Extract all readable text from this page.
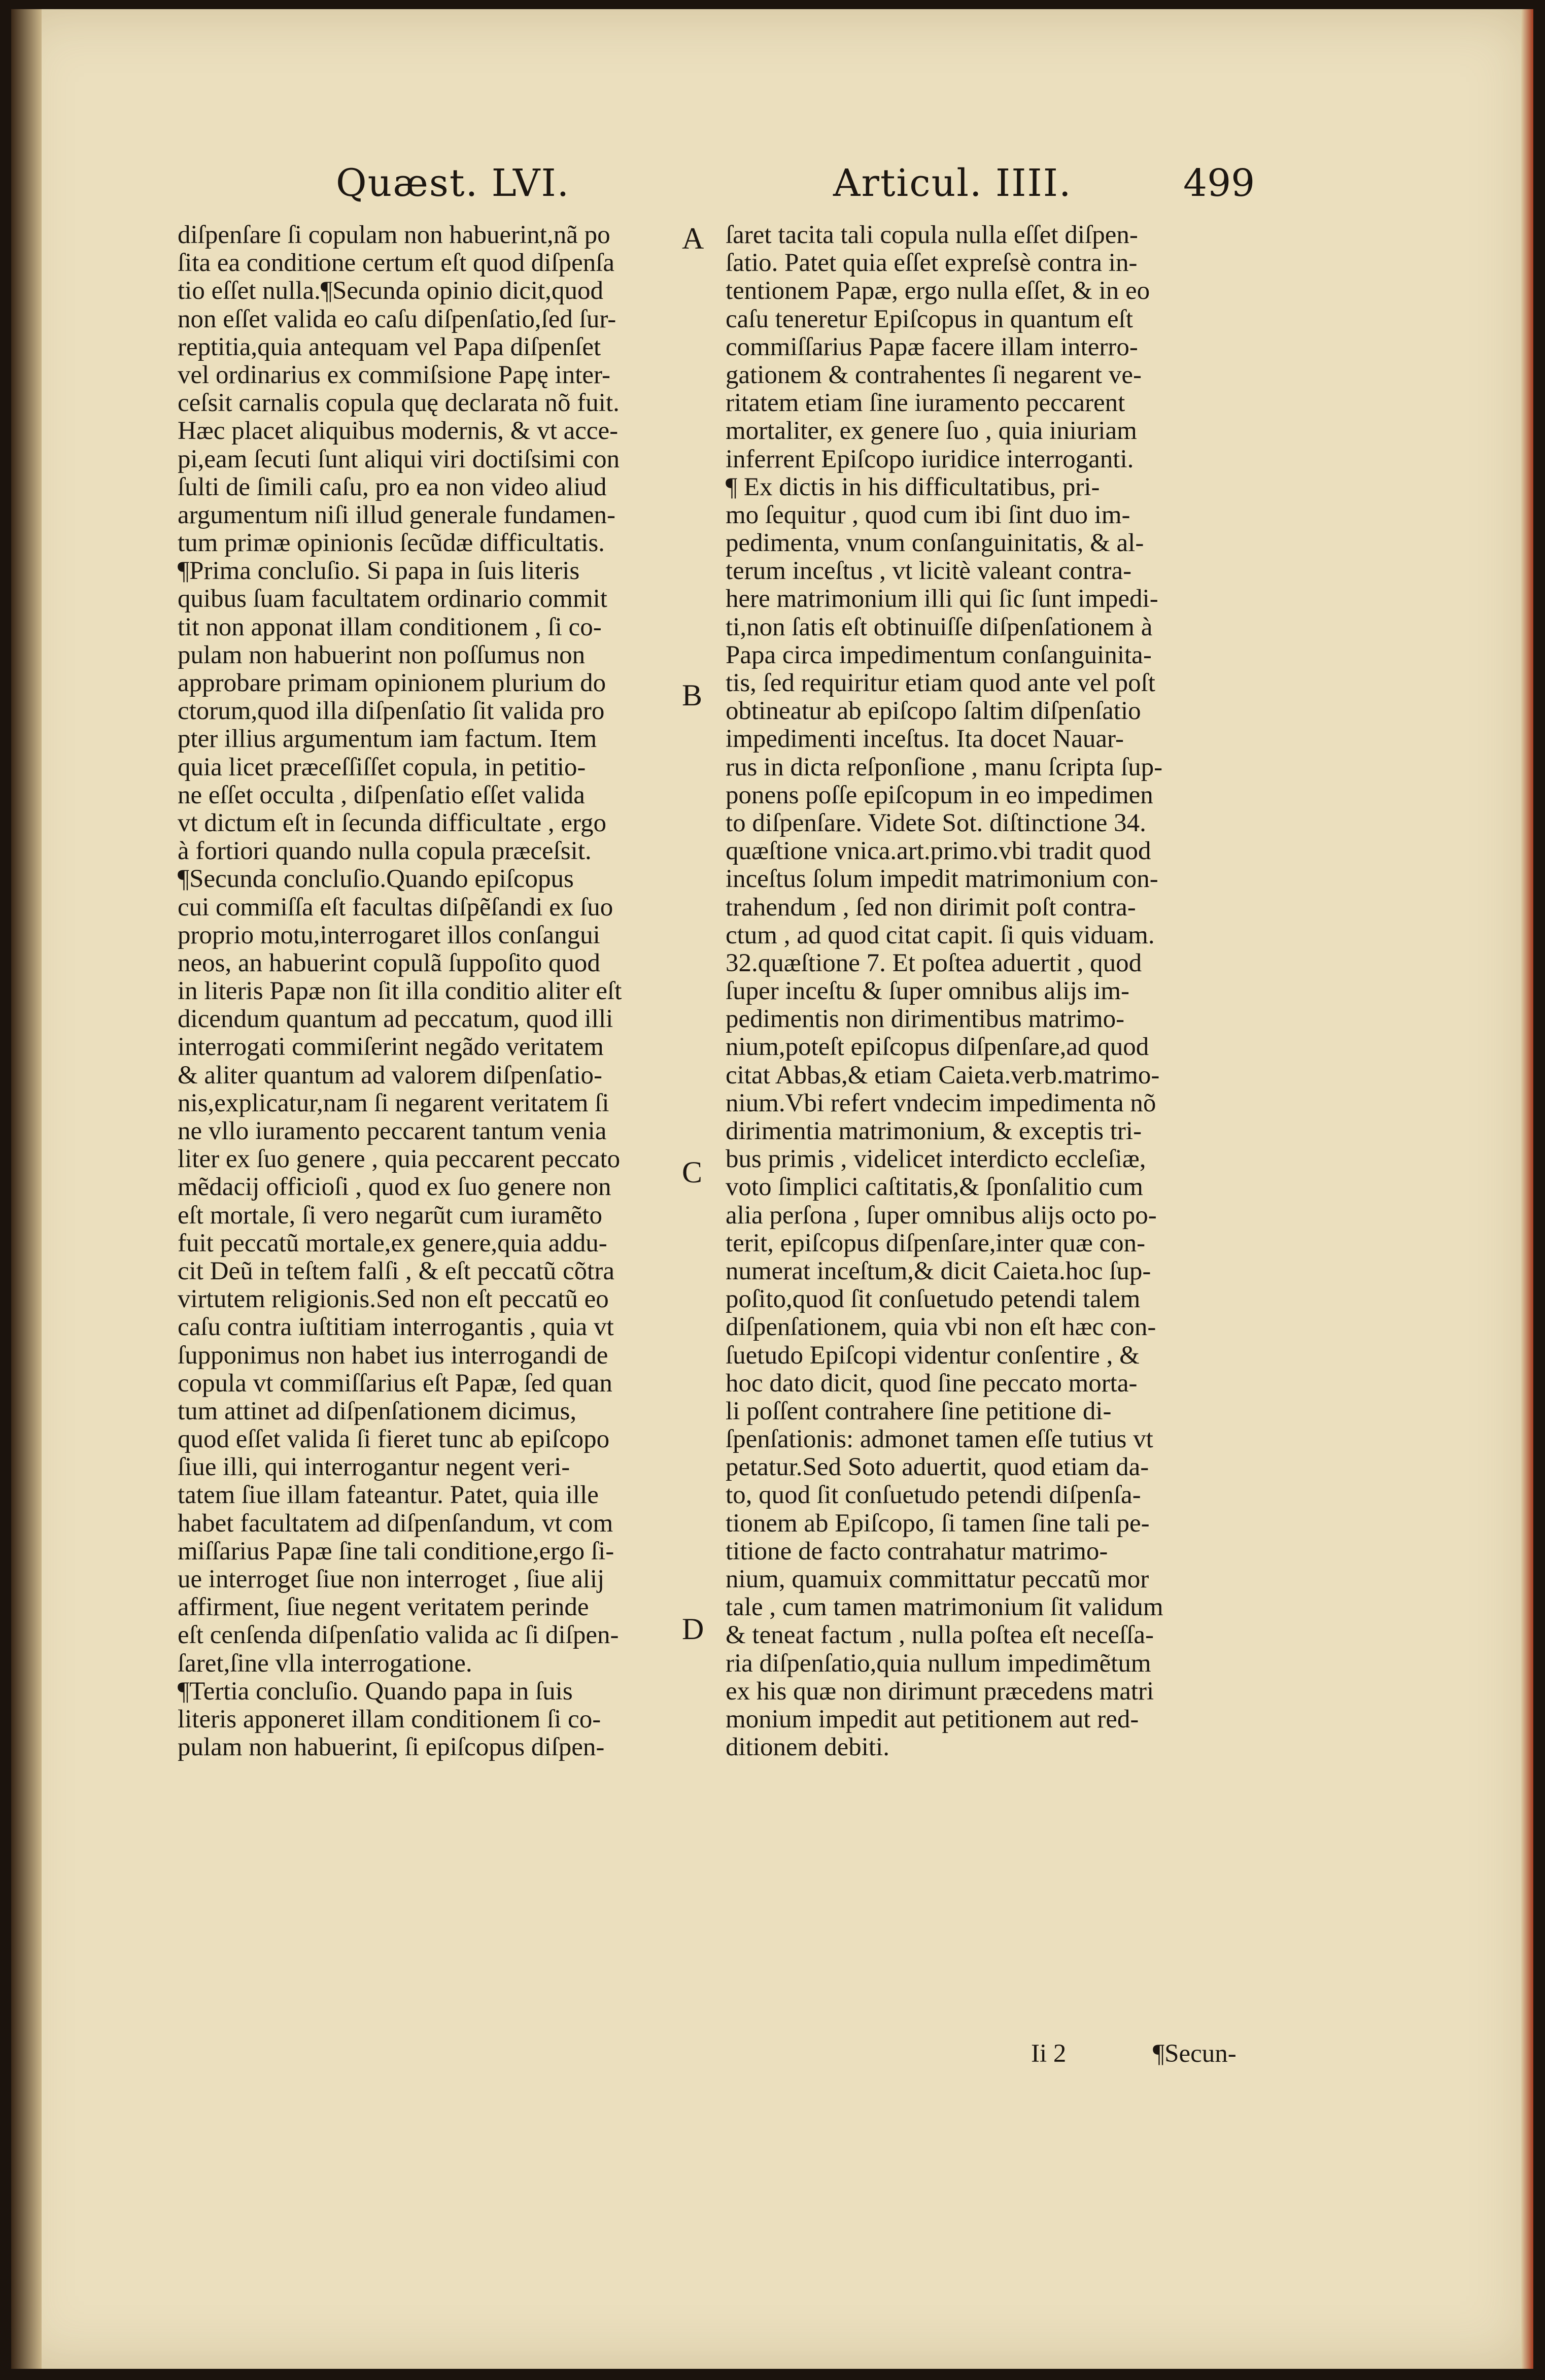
Quæst. LVI.	Articul. IIII.	499
diſpenſare ſi copulam non habuerint,nã po
ſita ea conditione certum eſt quod diſpenſa
tio eſſet nulla.¶Secunda opinio dicit,quod
non eſſet valida eo caſu diſpenſatio,ſed ſur-
reptitia,quia antequam vel Papa diſpenſet
vel ordinarius ex commiſsione Papę inter-
ceſsit carnalis copula quę declarata nõ fuit.
Hæc placet aliquibus modernis, & vt acce-
pi,eam ſecuti ſunt aliqui viri doctiſsimi con
ſulti de ſimili caſu, pro ea non video aliud
argumentum niſi illud generale fundamen-
tum primæ opinionis ſecũdæ difficultatis.
¶Prima concluſio. Si papa in ſuis literis
quibus ſuam facultatem ordinario commit
tit non apponat illam conditionem , ſi co-
pulam non habuerint non poſſumus non
approbare primam opinionem plurium do
ctorum,quod illa diſpenſatio ſit valida pro
pter illius argumentum iam factum. Item
quia licet præceſſiſſet copula, in petitio-
ne eſſet occulta , diſpenſatio eſſet valida
vt dictum eſt in ſecunda difficultate , ergo
à fortiori quando nulla copula præceſsit.
¶Secunda concluſio.Quando epiſcopus
cui commiſſa eſt facultas diſpẽſandi ex ſuo
proprio motu,interrogaret illos conſangui
neos, an habuerint copulã ſuppoſito quod
in literis Papæ non ſit illa conditio aliter eſt
dicendum quantum ad peccatum, quod illi
interrogati commiſerint negãdo veritatem
& aliter quantum ad valorem diſpenſatio-
nis,explicatur,nam ſi negarent veritatem ſi
ne vllo iuramento peccarent tantum venia
liter ex ſuo genere , quia peccarent peccato
mẽdacij officioſi , quod ex ſuo genere non
eſt mortale, ſi vero negarũt cum iuramẽto
fuit peccatũ mortale,ex genere,quia addu-
cit Deũ in teſtem falſi , & eſt peccatũ cõtra
virtutem religionis.Sed non eſt peccatũ eo
caſu contra iuſtitiam interrogantis , quia vt
ſupponimus non habet ius interrogandi de
copula vt commiſſarius eſt Papæ, ſed quan
tum attinet ad diſpenſationem dicimus,
quod eſſet valida ſi fieret tunc ab epiſcopo
ſiue illi, qui interrogantur negent veri-
tatem ſiue illam fateantur. Patet, quia ille
habet facultatem ad diſpenſandum, vt com
miſſarius Papæ ſine tali conditione,ergo ſi-
ue interroget ſiue non interroget , ſiue alij
affirment, ſiue negent veritatem perinde
eſt cenſenda diſpenſatio valida ac ſi diſpen-
ſaret,ſine vlla interrogatione.
¶Tertia concluſio. Quando papa in ſuis
literis apponeret illam conditionem ſi co-
pulam non habuerint, ſi epiſcopus diſpen-
ſaret tacita tali copula nulla eſſet diſpen-
ſatio. Patet quia eſſet expreſsè contra in-
tentionem Papæ, ergo nulla eſſet, & in eo
caſu teneretur Epiſcopus in quantum eſt
commiſſarius Papæ facere illam interro-
gationem & contrahentes ſi negarent ve-
ritatem etiam ſine iuramento peccarent
mortaliter, ex genere ſuo , quia iniuriam
inferrent Epiſcopo iuridice interroganti.
¶ Ex dictis in his difficultatibus, pri-
mo ſequitur , quod cum ibi ſint duo im-
pedimenta, vnum conſanguinitatis, & al-
terum inceſtus , vt licitè valeant contra-
here matrimonium illi qui ſic ſunt impedi-
ti,non ſatis eſt obtinuiſſe diſpenſationem à
Papa circa impedimentum conſanguinita-
tis, ſed requiritur etiam quod ante vel poſt
obtineatur ab epiſcopo ſaltim diſpenſatio
impedimenti inceſtus. Ita docet Nauar-
rus in dicta reſponſione , manu ſcripta ſup-
ponens poſſe epiſcopum in eo impedimen
to diſpenſare. Videte Sot. diſtinctione 34.
quæſtione vnica.art.primo.vbi tradit quod
inceſtus ſolum impedit matrimonium con-
trahendum , ſed non dirimit poſt contra-
ctum , ad quod citat capit. ſi quis viduam.
32.quæſtione 7. Et poſtea aduertit , quod
ſuper inceſtu & ſuper omnibus alijs im-
pedimentis non dirimentibus matrimo-
nium,poteſt epiſcopus diſpenſare,ad quod
citat Abbas,& etiam Caieta.verb.matrimo-
nium.Vbi refert vndecim impedimenta nõ
dirimentia matrimonium, & exceptis tri-
bus primis , videlicet interdicto eccleſiæ,
voto ſimplici caſtitatis,& ſponſalitio cum
alia perſona , ſuper omnibus alijs octo po-
terit, epiſcopus diſpenſare,inter quæ con-
numerat inceſtum,& dicit Caieta.hoc ſup-
poſito,quod ſit conſuetudo petendi talem
diſpenſationem, quia vbi non eſt hæc con-
ſuetudo Epiſcopi videntur conſentire , &
hoc dato dicit, quod ſine peccato morta-
li poſſent contrahere ſine petitione di-
ſpenſationis: admonet tamen eſſe tutius vt
petatur.Sed Soto aduertit, quod etiam da-
to, quod ſit conſuetudo petendi diſpenſa-
tionem ab Epiſcopo, ſi tamen ſine tali pe-
titione de facto contrahatur matrimo-
nium, quamuix committatur peccatũ mor
tale , cum tamen matrimonium ſit validum
& teneat factum , nulla poſtea eſt neceſſa-
ria diſpenſatio,quia nullum impedimẽtum
ex his quæ non dirimunt præcedens matri
monium impedit aut petitionem aut red-
ditionem debiti.
A
B
C
D
Ii 2	¶Secun-
